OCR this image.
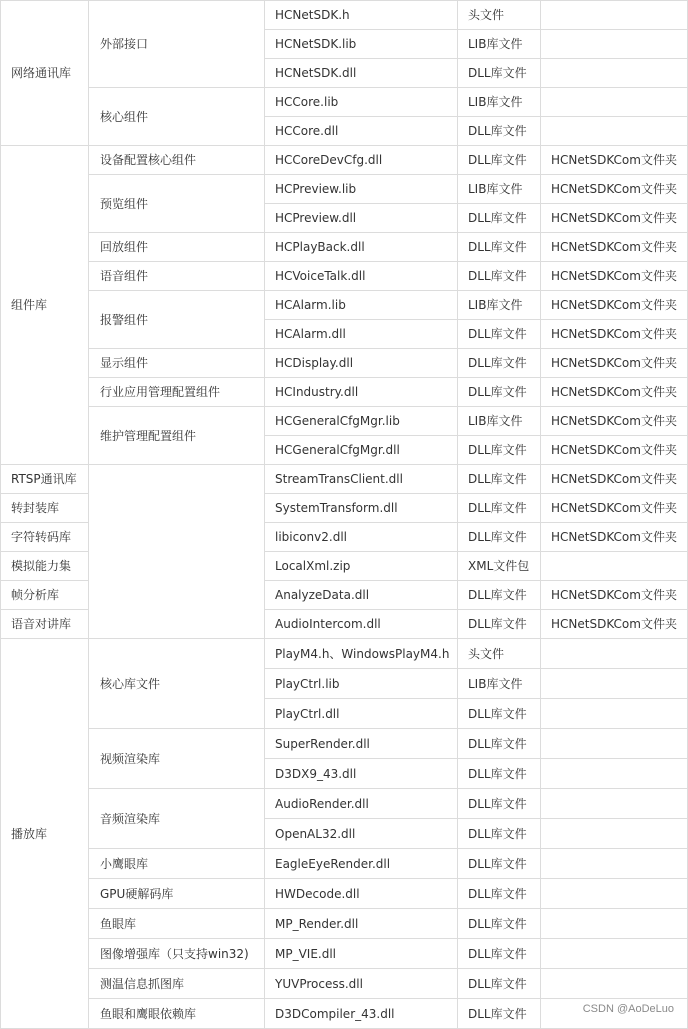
网络通讯库	外部接口	HCNetSDK.h	头文件	
		HCNetSDK.lib	LIB库文件	
		HCNetSDK.dll	DLL库文件	
	核心组件	HCCore.lib	LIB库文件	
		HCCore.dll	DLL库文件	
组件库	设备配置核心组件	HCCoreDevCfg.dll	DLL库文件	HCNetSDKCom文件夹
	预览组件	HCPreview.lib	LIB库文件	HCNetSDKCom文件夹
		HCPreview.dll	DLL库文件	HCNetSDKCom文件夹
	回放组件	HCPlayBack.dll	DLL库文件	HCNetSDKCom文件夹
	语音组件	HCVoiceTalk.dll	DLL库文件	HCNetSDKCom文件夹
	报警组件	HCAlarm.lib	LIB库文件	HCNetSDKCom文件夹
		HCAlarm.dll	DLL库文件	HCNetSDKCom文件夹
	显示组件	HCDisplay.dll	DLL库文件	HCNetSDKCom文件夹
	行业应用管理配置组件	HCIndustry.dll	DLL库文件	HCNetSDKCom文件夹
	维护管理配置组件	HCGeneralCfgMgr.lib	LIB库文件	HCNetSDKCom文件夹
		HCGeneralCfgMgr.dll	DLL库文件	HCNetSDKCom文件夹
RTSP通讯库		StreamTransClient.dll	DLL库文件	HCNetSDKCom文件夹
转封装库		SystemTransform.dll	DLL库文件	HCNetSDKCom文件夹
字符转码库		libiconv2.dll	DLL库文件	HCNetSDKCom文件夹
模拟能力集		LocalXml.zip	XML文件包	
帧分析库		AnalyzeData.dll	DLL库文件	HCNetSDKCom文件夹
语音对讲库		AudioIntercom.dll	DLL库文件	HCNetSDKCom文件夹
播放库	核心库文件	PlayM4.h、WindowsPlayM4.h	头文件	
		PlayCtrl.lib	LIB库文件	
		PlayCtrl.dll	DLL库文件	
	视频渲染库	SuperRender.dll	DLL库文件	
		D3DX9_43.dll	DLL库文件	
	音频渲染库	AudioRender.dll	DLL库文件	
		OpenAL32.dll	DLL库文件	
	小鹰眼库	EagleEyeRender.dll	DLL库文件	
	GPU硬解码库	HWDecode.dll	DLL库文件	
	鱼眼库	MP_Render.dll	DLL库文件	
	图像增强库（只支持win32)	MP_VIE.dll	DLL库文件	
	测温信息抓图库	YUVProcess.dll	DLL库文件	
	鱼眼和鹰眼依赖库	D3DCompiler_43.dll	DLL库文件		CSDN @AoDeLuo
